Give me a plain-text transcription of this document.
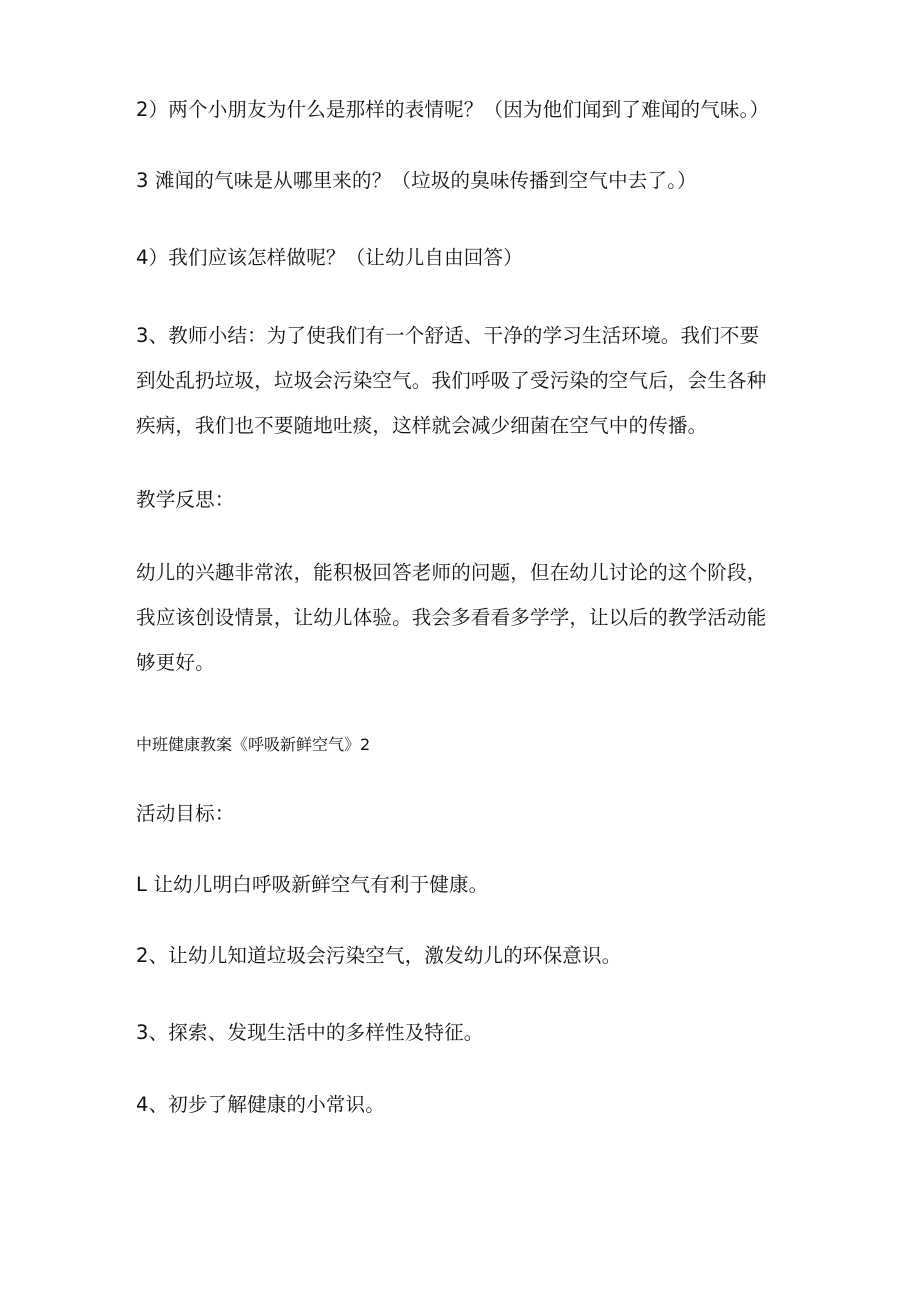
2）两个小朋友为什么是那样的表情呢？（因为他们闻到了难闻的气味。）
3 滩闻的气味是从哪里来的？（垃圾的臭味传播到空气中去了。）
4）我们应该怎样做呢？（让幼儿自由回答）
3、教师小结：为了使我们有一个舒适、干净的学习生活环境。我们不要
到处乱扔垃圾，垃圾会污染空气。我们呼吸了受污染的空气后，会生各种
疾病，我们也不要随地吐痰，这样就会减少细菌在空气中的传播。
教学反思：
幼儿的兴趣非常浓，能积极回答老师的问题，但在幼儿讨论的这个阶段，
我应该创设情景，让幼儿体验。我会多看看多学学，让以后的教学活动能
够更好。
中班健康教案《呼吸新鲜空气》2
活动目标：
L 让幼儿明白呼吸新鲜空气有利于健康。
2、让幼儿知道垃圾会污染空气，激发幼儿的环保意识。
3、探索、发现生活中的多样性及特征。
4、初步了解健康的小常识。
